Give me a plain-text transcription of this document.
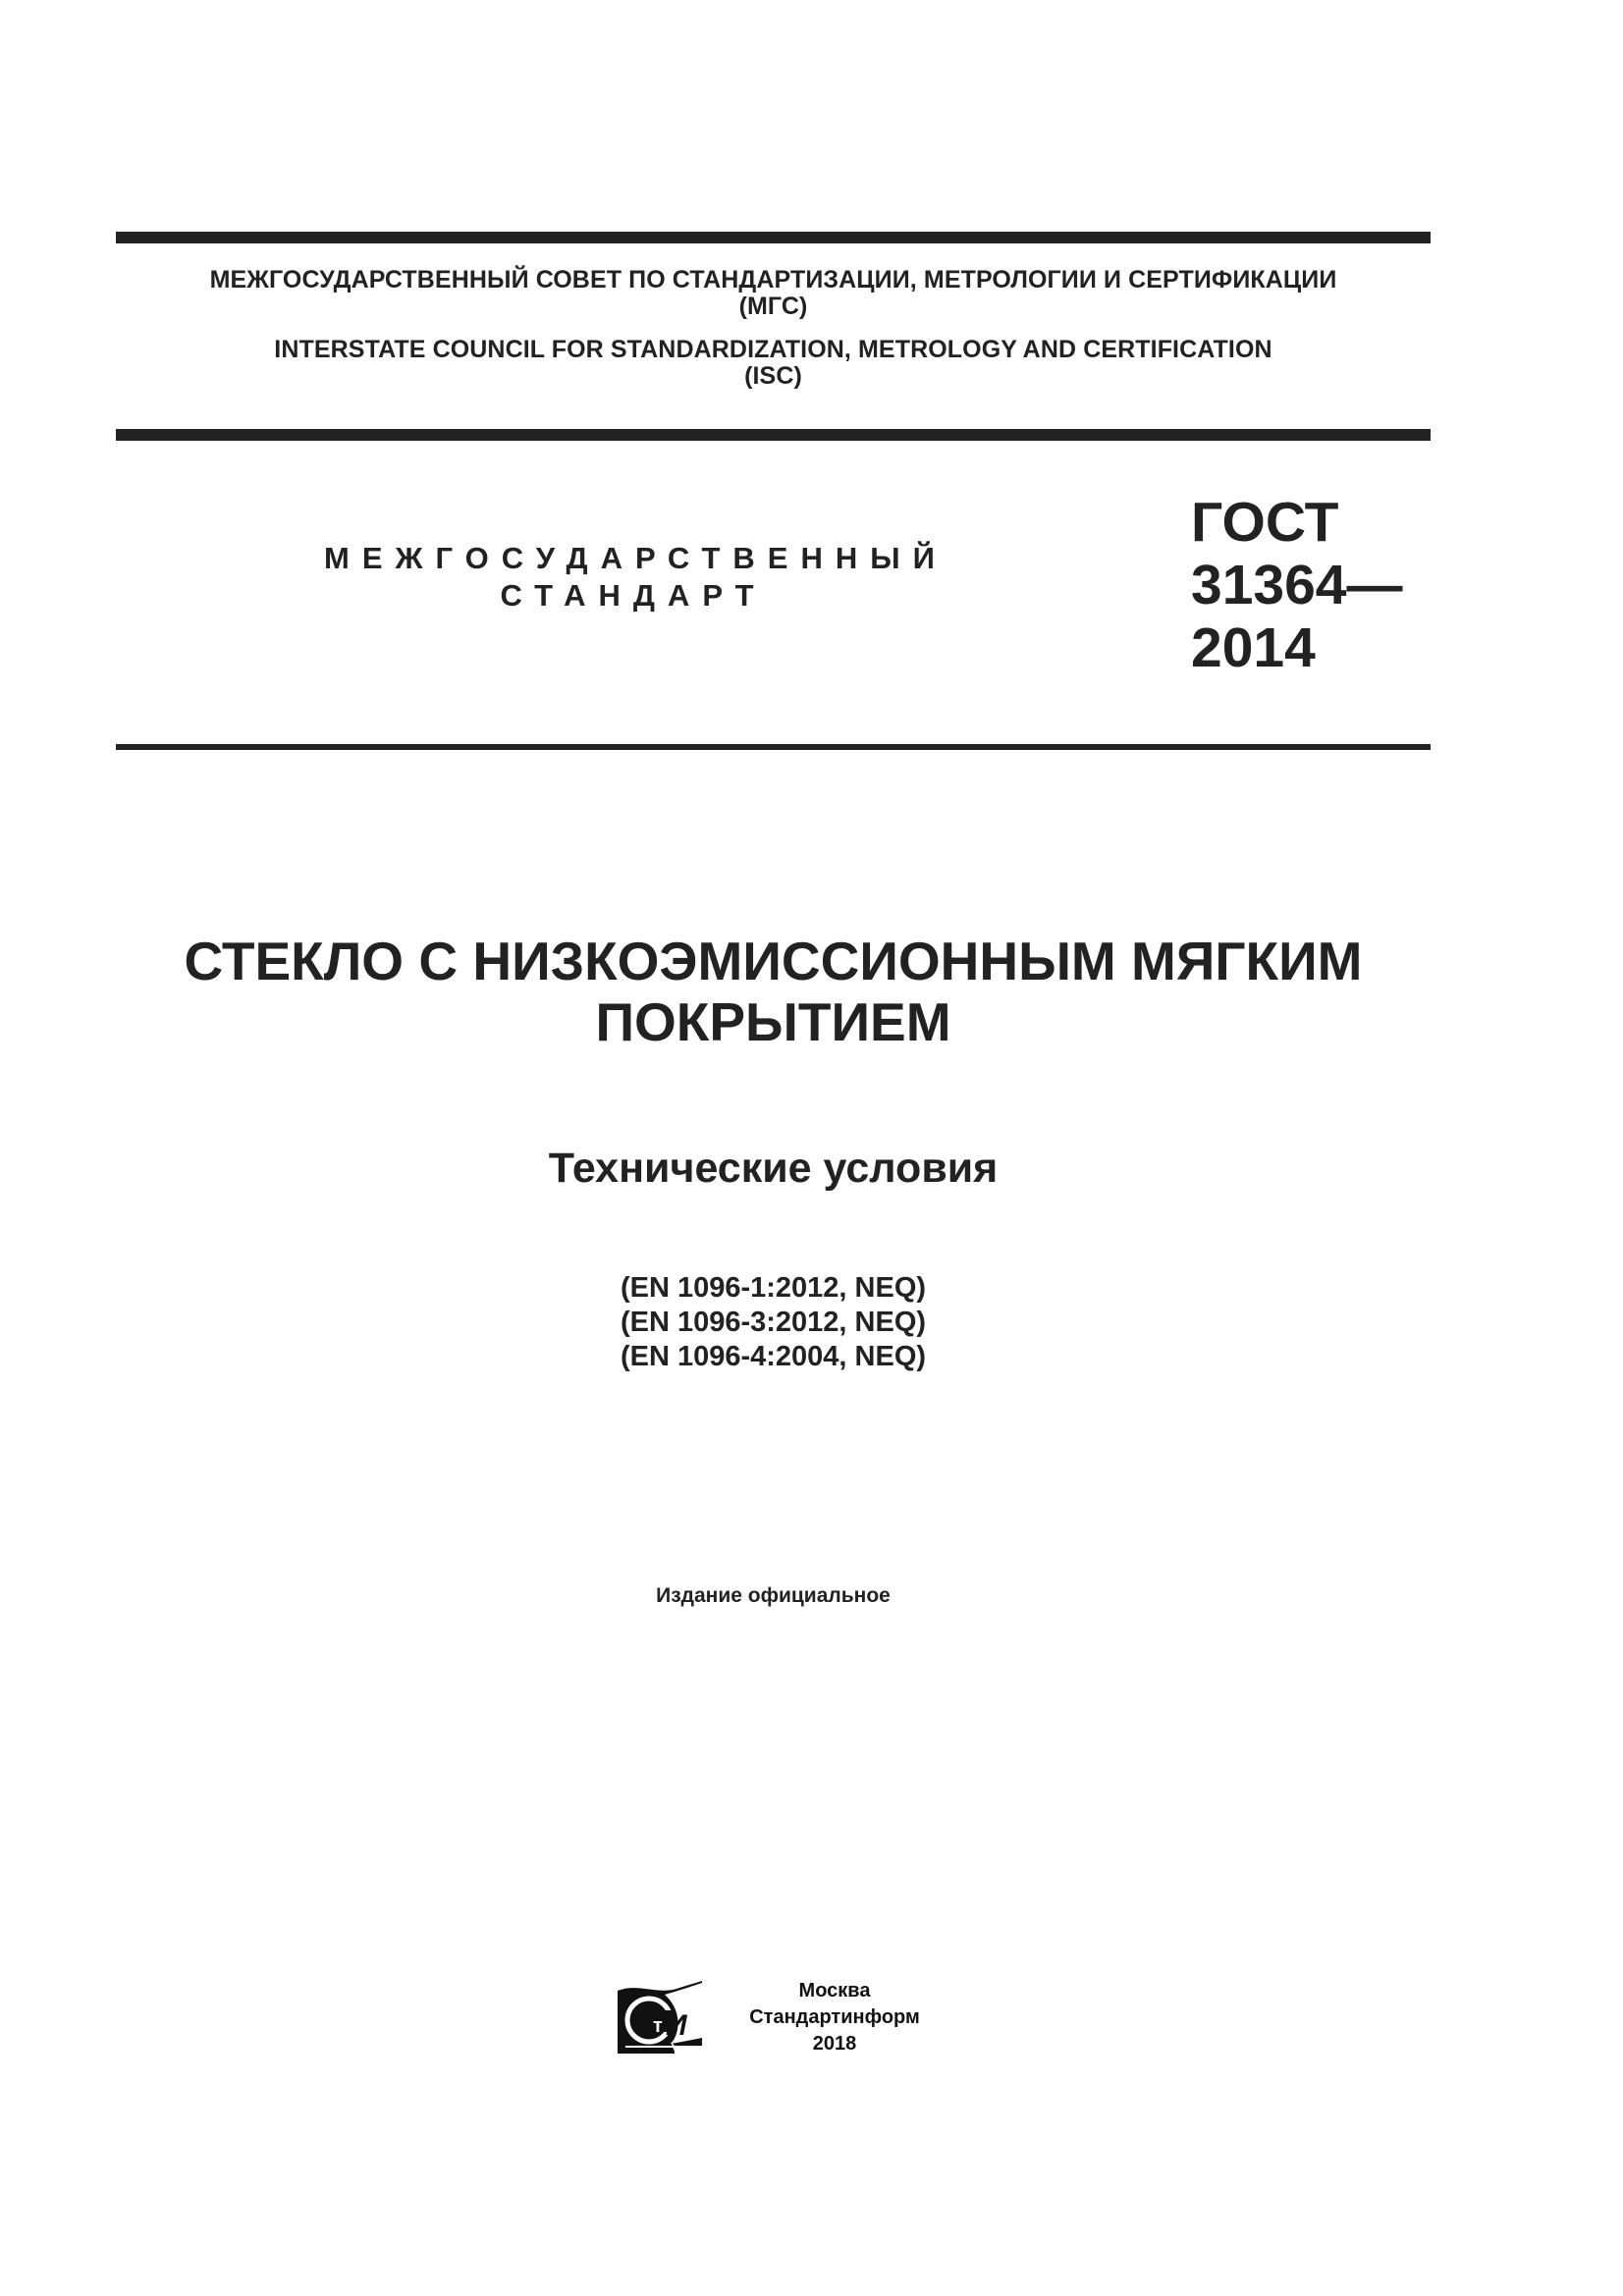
МЕЖГОСУДАРСТВЕННЫЙ СОВЕТ ПО СТАНДАРТИЗАЦИИ, МЕТРОЛОГИИ И СЕРТИФИКАЦИИ
(МГС)
INTERSTATE COUNCIL FOR STANDARDIZATION, METROLOGY AND CERTIFICATION
(ISC)
МЕЖГОСУДАРСТВЕННЫЙ
СТАНДАРТ
ГОСТ
31364—
2014
СТЕКЛО С НИЗКОЭМИССИОННЫМ МЯГКИМ
ПОКРЫТИЕМ
Технические условия
(EN 1096-1:2012, NEQ)
(EN 1096-3:2012, NEQ)
(EN 1096-4:2004, NEQ)
Издание официальное
т И
Москва
Стандартинформ
2018
